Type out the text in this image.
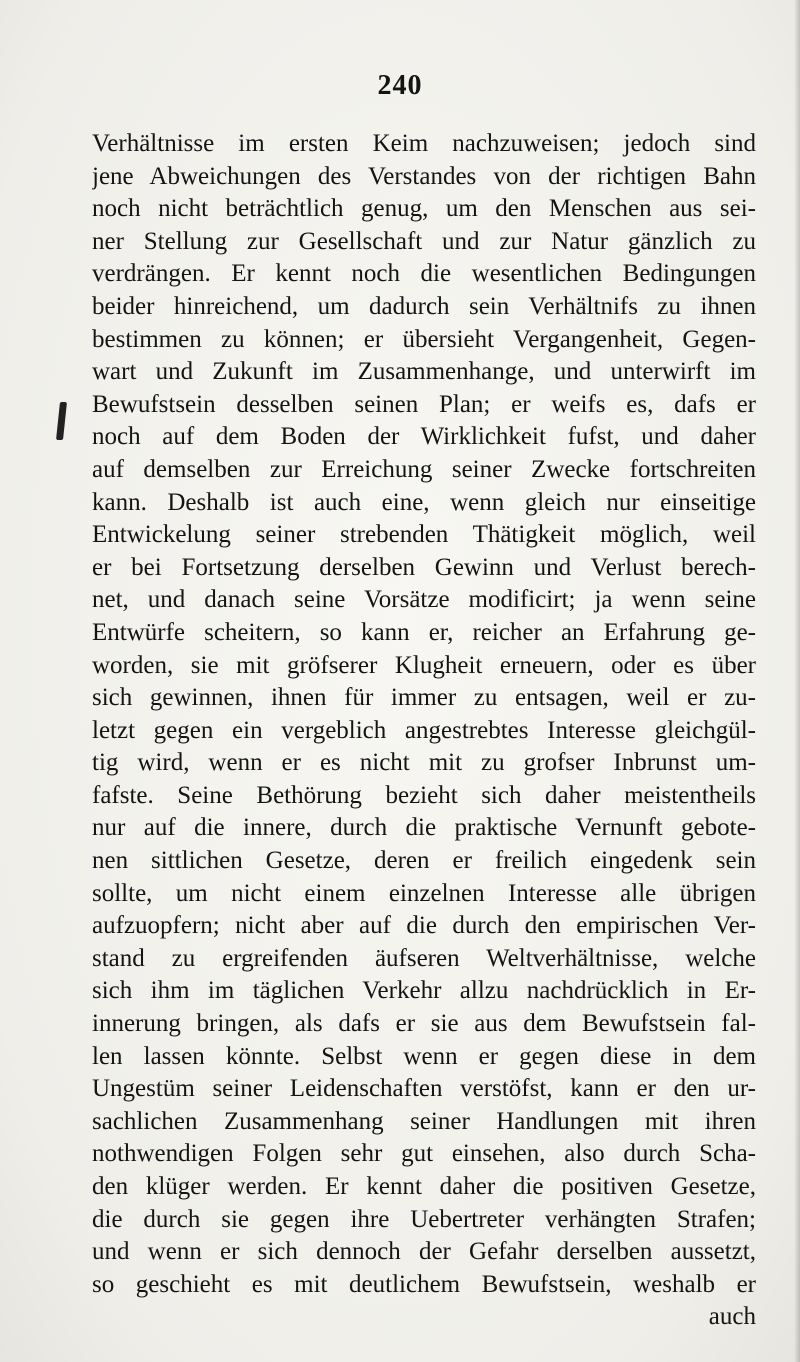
240
Verhältnisse im ersten Keim nachzuweisen; jedoch sind
jene Abweichungen des Verstandes von der richtigen Bahn
noch nicht beträchtlich genug, um den Menschen aus sei-
ner Stellung zur Gesellschaft und zur Natur gänzlich zu
verdrängen. Er kennt noch die wesentlichen Bedingungen
beider hinreichend, um dadurch sein Verhältnifs zu ihnen
bestimmen zu können; er übersieht Vergangenheit, Gegen-
wart und Zukunft im Zusammenhange, und unterwirft im
Bewufstsein desselben seinen Plan; er weifs es, dafs er
noch auf dem Boden der Wirklichkeit fufst, und daher
auf demselben zur Erreichung seiner Zwecke fortschreiten
kann. Deshalb ist auch eine, wenn gleich nur einseitige
Entwickelung seiner strebenden Thätigkeit möglich, weil
er bei Fortsetzung derselben Gewinn und Verlust berech-
net, und danach seine Vorsätze modificirt; ja wenn seine
Entwürfe scheitern, so kann er, reicher an Erfahrung ge-
worden, sie mit gröfserer Klugheit erneuern, oder es über
sich gewinnen, ihnen für immer zu entsagen, weil er zu-
letzt gegen ein vergeblich angestrebtes Interesse gleichgül-
tig wird, wenn er es nicht mit zu grofser Inbrunst um-
fafste. Seine Bethörung bezieht sich daher meistentheils
nur auf die innere, durch die praktische Vernunft gebote-
nen sittlichen Gesetze, deren er freilich eingedenk sein
sollte, um nicht einem einzelnen Interesse alle übrigen
aufzuopfern; nicht aber auf die durch den empirischen Ver-
stand zu ergreifenden äufseren Weltverhältnisse, welche
sich ihm im täglichen Verkehr allzu nachdrücklich in Er-
innerung bringen, als dafs er sie aus dem Bewufstsein fal-
len lassen könnte. Selbst wenn er gegen diese in dem
Ungestüm seiner Leidenschaften verstöfst, kann er den ur-
sachlichen Zusammenhang seiner Handlungen mit ihren
nothwendigen Folgen sehr gut einsehen, also durch Scha-
den klüger werden. Er kennt daher die positiven Gesetze,
die durch sie gegen ihre Uebertreter verhängten Strafen;
und wenn er sich dennoch der Gefahr derselben aussetzt,
so geschieht es mit deutlichem Bewufstsein, weshalb er
auch
